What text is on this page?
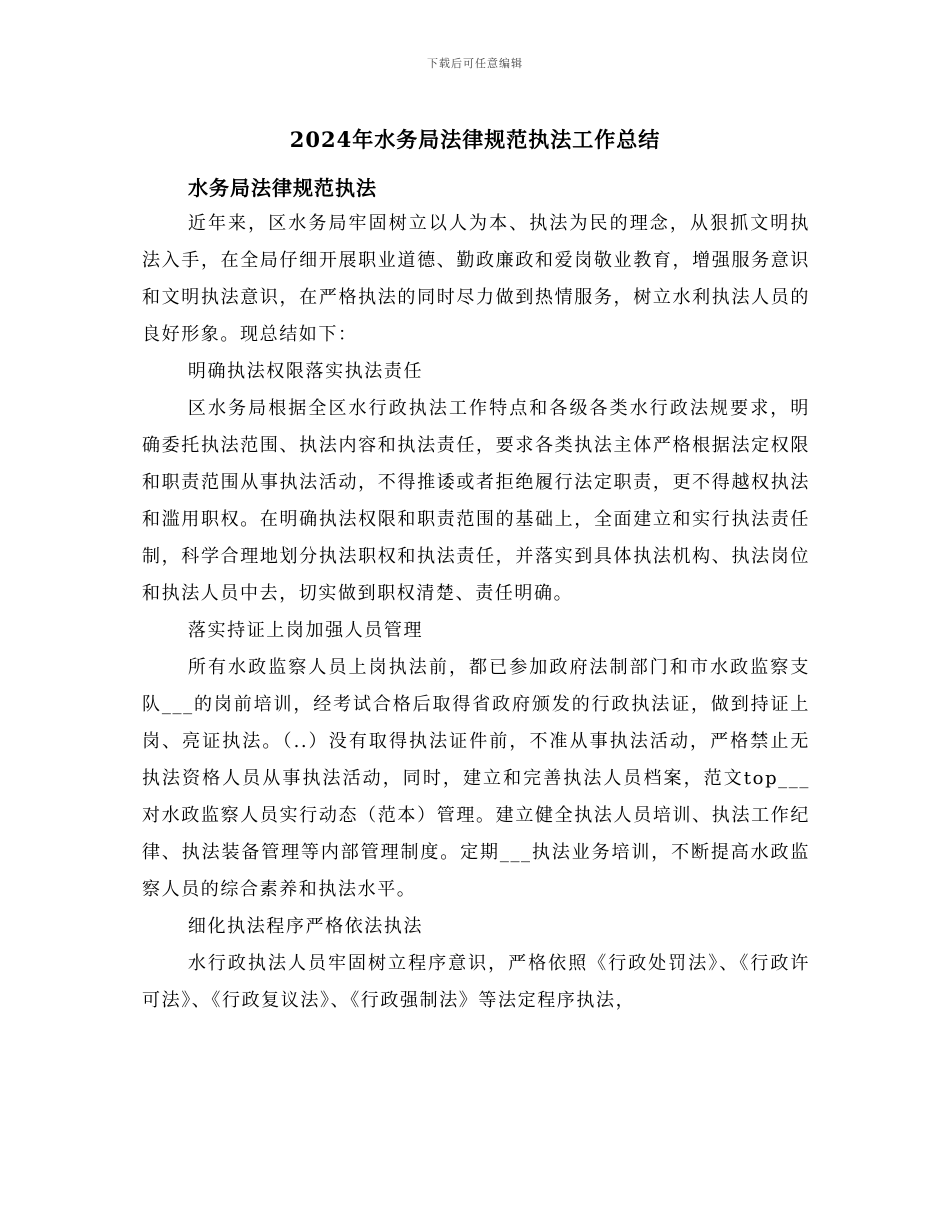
下载后可任意编辑
2024年水务局法律规范执法工作总结
水务局法律规范执法

近年来，区水务局牢固树立以人为本、执法为民的理念，从狠抓文明执法入手，在全局仔细开展职业道德、勤政廉政和爱岗敬业教育，增强服务意识和文明执法意识，在严格执法的同时尽力做到热情服务，树立水利执法人员的良好形象。现总结如下：

明确执法权限落实执法责任

区水务局根据全区水行政执法工作特点和各级各类水行政法规要求，明确委托执法范围、执法内容和执法责任，要求各类执法主体严格根据法定权限和职责范围从事执法活动，不得推诿或者拒绝履行法定职责，更不得越权执法和滥用职权。在明确执法权限和职责范围的基础上，全面建立和实行执法责任制，科学合理地划分执法职权和执法责任，并落实到具体执法机构、执法岗位和执法人员中去，切实做到职权清楚、责任明确。

落实持证上岗加强人员管理

所有水政监察人员上岗执法前，都已参加政府法制部门和市水政监察支队___的岗前培训，经考试合格后取得省政府颁发的行政执法证，做到持证上岗、亮证执法。（..）没有取得执法证件前，不准从事执法活动，严格禁止无执法资格人员从事执法活动，同时，建立和完善执法人员档案，范文top___对水政监察人员实行动态（范本）管理。建立健全执法人员培训、执法工作纪律、执法装备管理等内部管理制度。定期___执法业务培训，不断提高水政监察人员的综合素养和执法水平。

细化执法程序严格依法执法

水行政执法人员牢固树立程序意识，严格依照《行政处罚法》、《行政许可法》、《行政复议法》、《行政强制法》等法定程序执法，
